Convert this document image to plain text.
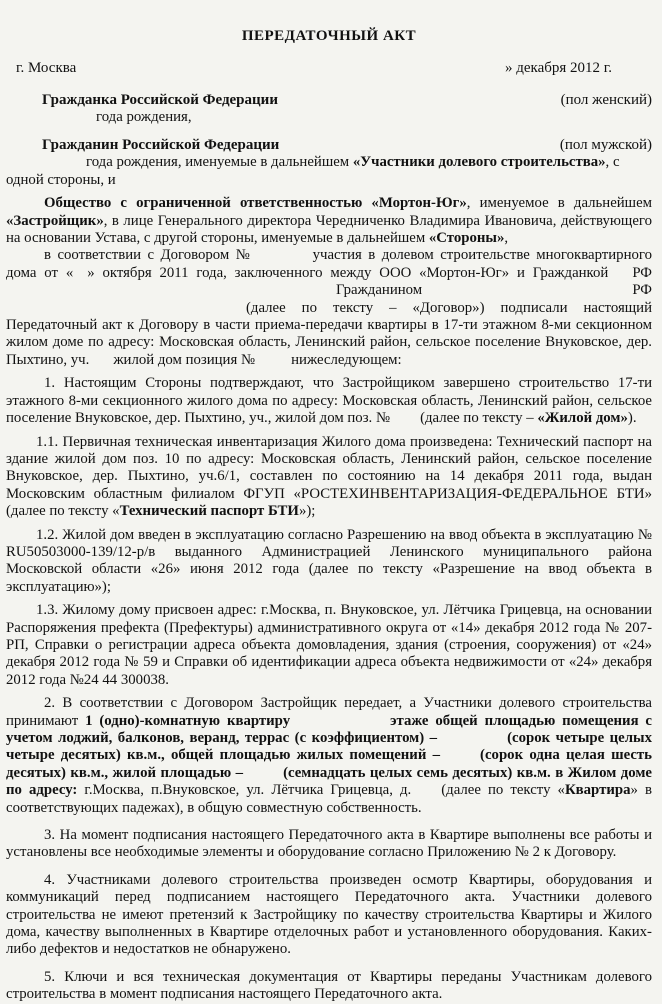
ПЕРЕДАТОЧНЫЙ АКТ
г. Москва	» декабря 2012 г.
Гражданка Российской Федерации	(пол женский)

года рождения,

Гражданин Российской Федерации	(пол мужской)

года рождения, именуемые в дальнейшем «Участники долевого строительства», с

одной стороны, и

Общество с ограниченной ответственностью «Мортон-Юг», именуемое в дальнейшем «Застройщик», в лице Генерального директора Чередниченко Владимира Ивановича, действующего на основании Устава, с другой стороны, именуемые в дальнейшем «Стороны»,

в соответствии с Договором №	участия в долевом строительстве многоквартирного дома от « » октября 2011 года, заключенного между ООО «Мортон-Юг» и Гражданкой РФГражданином РФ(далее по тексту – «Договор») подписали настоящий Передаточный акт к Договору в части приема-передачи квартиры в 17-ти этажном 8-ми секционном жилом доме по адресу: Московская область, Ленинский район, сельское поселение Внуковское, дер. Пыхтино, уч. жилой дом позиция № нижеследующем:

1. Настоящим Стороны подтверждают, что Застройщиком завершено строительство 17-ти этажного 8-ми секционного жилого дома по адресу: Московская область, Ленинский район, сельское поселение Внуковское, дер. Пыхтино, уч., жилой дом поз. № (далее по тексту – «Жилой дом»).

1.1. Первичная техническая инвентаризация Жилого дома произведена: Технический паспорт на здание жилой дом поз. 10 по адресу: Московская область, Ленинский район, сельское поселение Внуковское, дер. Пыхтино, уч.6/1, составлен по состоянию на 14 декабря 2011 года, выдан Московским областным филиалом ФГУП «РОСТЕХИНВЕНТАРИЗАЦИЯ-ФЕДЕРАЛЬНОЕ БТИ» (далее по тексту «Технический паспорт БТИ»);

1.2. Жилой дом введен в эксплуатацию согласно Разрешению на ввод объекта в эксплуатацию № RU50503000-139/12-р/в выданного Администрацией Ленинского муниципального района Московской области «26» июня 2012 года (далее по тексту «Разрешение на ввод объекта в эксплуатацию»);

1.3. Жилому дому присвоен адрес: г.Москва, п. Внуковское, ул. Лётчика Грицевца, на основании Распоряжения префекта (Префектуры) административного округа от «14» декабря 2012 года № 207-РП, Справки о регистрации адреса объекта домовладения, здания (строения, сооружения) от «24» декабря 2012 года № 59 и Справки об идентификации адреса объекта недвижимости от «24» декабря 2012 года №24 44 300038.

2. В соответствии с Договором Застройщик передает, а Участники долевого строительства принимают 1 (одно)-комнатную квартиру	этаже общей площадью помещения с учетом лоджий, балконов, веранд, террас (с коэффициентом) –	(сорок четыре целых четыре десятых) кв.м., общей площадью жилых помещений –	(сорок одна целая шесть десятых) кв.м., жилой площадью –	(семнадцать целых семь десятых) кв.м. в Жилом доме по адресу: г.Москва, п.Внуковское, ул. Лётчика Грицевца, д. (далее по тексту «Квартира» в соответствующих падежах), в общую совместную собственность.

3. На момент подписания настоящего Передаточного акта в Квартире выполнены все работы и установлены все необходимые элементы и оборудование согласно Приложению № 2 к Договору.

4. Участниками долевого строительства произведен осмотр Квартиры, оборудования и коммуникаций перед подписанием настоящего Передаточного акта. Участники долевого строительства не имеют претензий к Застройщику по качеству строительства Квартиры и Жилого дома, качеству выполненных в Квартире отделочных работ и установленного оборудования. Каких-либо дефектов и недостатков не обнаружено.

5. Ключи и вся техническая документация от Квартиры переданы Участникам долевого строительства в момент подписания настоящего Передаточного акта.
